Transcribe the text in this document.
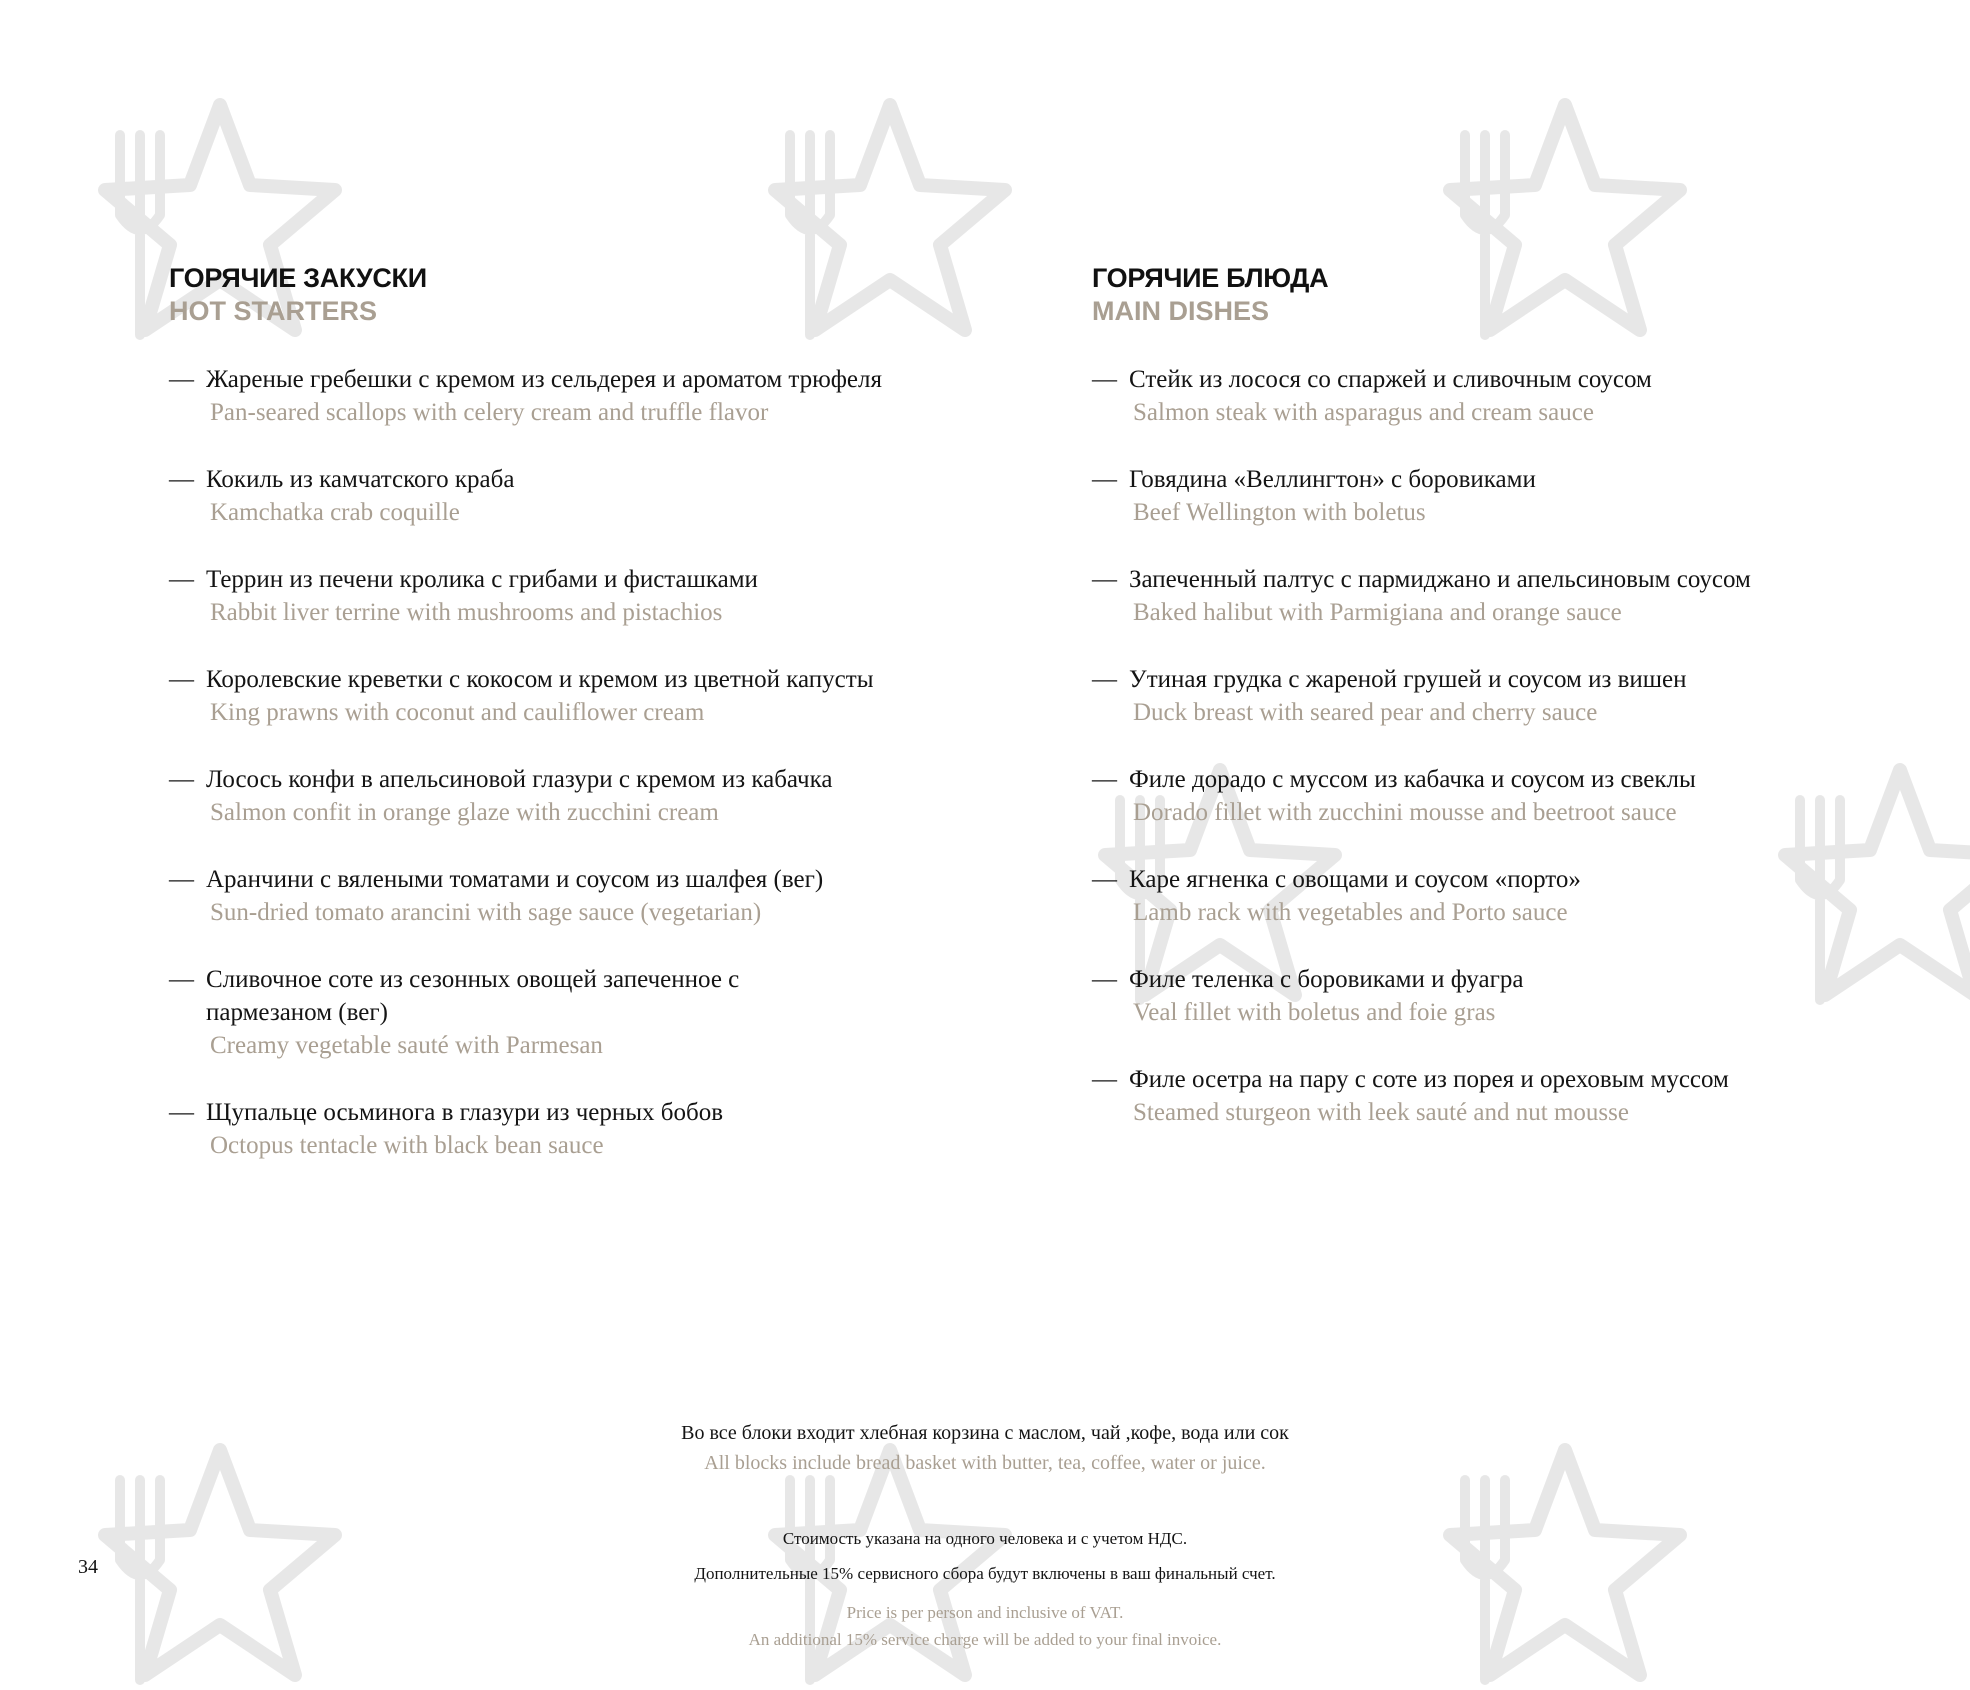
ГОРЯЧИЕ ЗАКУСКИ
HOT STARTERS
— Жареные гребешки с кремом из сельдерея и ароматом трюфеля
Pan-seared scallops with celery cream and truffle flavor
— Кокиль из камчатского краба
Kamchatka crab coquille
— Террин из печени кролика с грибами и фисташками
Rabbit liver terrine with mushrooms and pistachios
— Королевские креветки с кокосом и кремом из цветной капусты
King prawns with coconut and cauliflower cream
— Лосось конфи в апельсиновой глазури с кремом из кабачка
Salmon confit in orange glaze with zucchini cream
— Аранчини с вялеными томатами и соусом из шалфея (вег)
Sun-dried tomato arancini with sage sauce (vegetarian)
— Сливочное соте из сезонных овощей запеченное с пармезаном (вег)
Creamy vegetable sauté with Parmesan
— Щупальце осьминога в глазури из черных бобов
Octopus tentacle with black bean sauce
ГОРЯЧИЕ БЛЮДА
MAIN DISHES
— Стейк из лосося со спаржей и сливочным соусом
Salmon steak with asparagus and cream sauce
— Говядина «Веллингтон» с боровиками
Beef Wellington with boletus
— Запеченный палтус с пармиджано и апельсиновым соусом
Baked halibut with Parmigiana and orange sauce
— Утиная грудка с жареной грушей и соусом из вишен
Duck breast with seared pear and cherry sauce
— Филе дорадо с муссом из кабачка и соусом из свеклы
Dorado fillet with zucchini mousse and beetroot sauce
— Каре ягненка с овощами и соусом «порто»
Lamb rack with vegetables and Porto sauce
— Филе теленка с боровиками и фуагра
Veal fillet with boletus and foie gras
— Филе осетра на пару с соте из порея и ореховым муссом
Steamed sturgeon with leek sauté and nut mousse
Во все блоки входит хлебная корзина с маслом, чай ,кофе, вода или сок
All blocks include bread basket with butter, tea, coffee, water or juice.
Стоимость указана на одного человека и с учетом НДС.
Дополнительные 15% сервисного сбора будут включены в ваш финальный счет.
Price is per person and inclusive of VAT.
An additional 15% service charge will be added to your final invoice.
34
